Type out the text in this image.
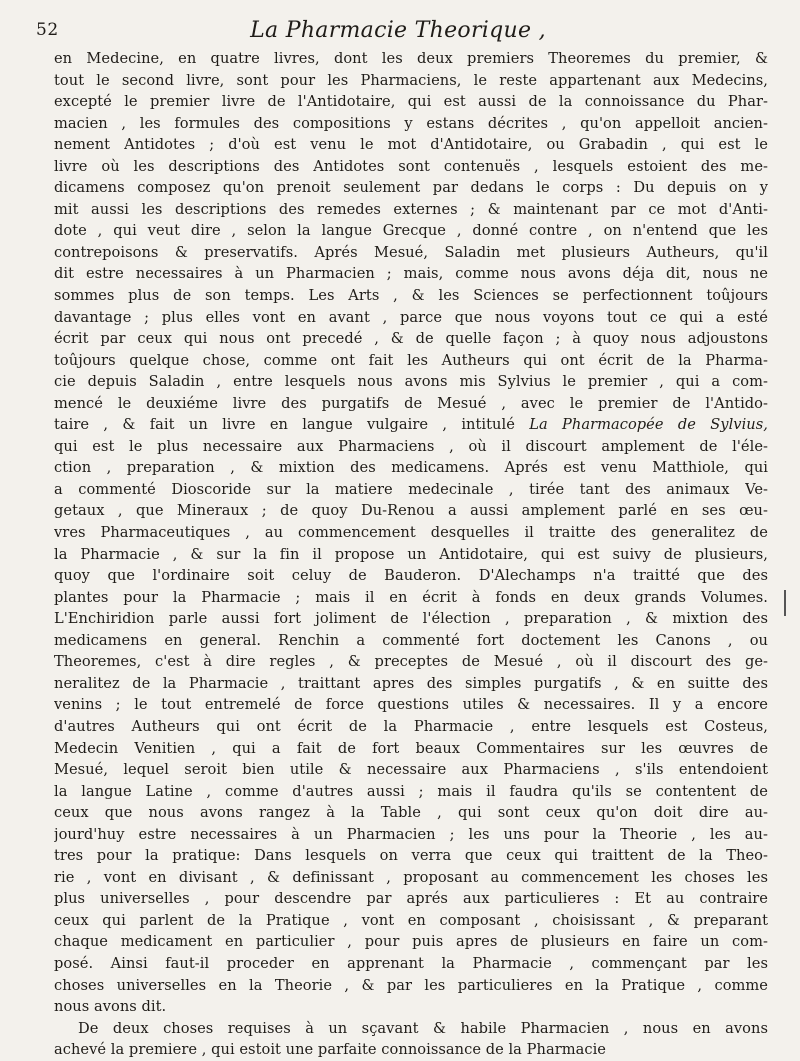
52	La Pharmacie Theorique ,
en Medecine, en quatre livres, dont les deux premiers Theoremes du premier, &
tout le second livre, sont pour les Pharmaciens, le reste appartenant aux Medecins,
excepté le premier livre de l'Antidotaire, qui est aussi de la connoissance du Phar-
macien , les formules des compositions y estans décrites , qu'on appelloit ancien-
nement Antidotes ; d'où est venu le mot d'Antidotaire, ou Grabadin , qui est le
livre où les descriptions des Antidotes sont contenuës , lesquels estoient des me-
dicamens composez qu'on prenoit seulement par dedans le corps : Du depuis on y
mit aussi les descriptions des remedes externes ; & maintenant par ce mot d'Anti-
dote , qui veut dire , selon la langue Grecque , donné contre , on n'entend que les
contrepoisons & preservatifs. Aprés Mesué, Saladin met plusieurs Autheurs, qu'il
dit estre necessaires à un Pharmacien ; mais, comme nous avons déja dit, nous ne
sommes plus de son temps. Les Arts , & les Sciences se perfectionnent toûjours
davantage ; plus elles vont en avant , parce que nous voyons tout ce qui a esté
écrit par ceux qui nous ont precedé , & de quelle façon ; à quoy nous adjoustons
toûjours quelque chose, comme ont fait les Autheurs qui ont écrit de la Pharma-
cie depuis Saladin , entre lesquels nous avons mis Sylvius le premier , qui a com-
mencé le deuxiéme livre des purgatifs de Mesué , avec le premier de l'Antido-
taire , & fait un livre en langue vulgaire , intitulé La Pharmacopée de Sylvius,
qui est le plus necessaire aux Pharmaciens , où il discourt amplement de l'éle-
ction , preparation , & mixtion des medicamens. Aprés est venu Matthiole, qui
a commenté Dioscoride sur la matiere medecinale , tirée tant des animaux Ve-
getaux , que Mineraux ; de quoy Du-Renou a aussi amplement parlé en ses œu-
vres Pharmaceutiques , au commencement desquelles il traitte des generalitez de
la Pharmacie , & sur la fin il propose un Antidotaire, qui est suivy de plusieurs,
quoy que l'ordinaire soit celuy de Bauderon. D'Alechamps n'a traitté que des
plantes pour la Pharmacie ; mais il en écrit à fonds en deux grands Volumes.
L'Enchiridion parle aussi fort joliment de l'élection , preparation , & mixtion des
medicamens en general. Renchin a commenté fort doctement les Canons , ou
Theoremes, c'est à dire regles , & preceptes de Mesué , où il discourt des ge-
neralitez de la Pharmacie , traittant apres des simples purgatifs , & en suitte des
venins ; le tout entremelé de force questions utiles & necessaires. Il y a encore
d'autres Autheurs qui ont écrit de la Pharmacie , entre lesquels est Costeus,
Medecin Venitien , qui a fait de fort beaux Commentaires sur les œuvres de
Mesué, lequel seroit bien utile & necessaire aux Pharmaciens , s'ils entendoient
la langue Latine , comme d'autres aussi ; mais il faudra qu'ils se contentent de
ceux que nous avons rangez à la Table , qui sont ceux qu'on doit dire au-
jourd'huy estre necessaires à un Pharmacien ; les uns pour la Theorie , les au-
tres pour la pratique: Dans lesquels on verra que ceux qui traittent de la Theo-
rie , vont en divisant , & definissant , proposant au commencement les choses les
plus universelles , pour descendre par aprés aux particulieres : Et au contraire
ceux qui parlent de la Pratique , vont en composant , choisissant , & preparant
chaque medicament en particulier , pour puis apres de plusieurs en faire un com-
posé. Ainsi faut-il proceder en apprenant la Pharmacie , commençant par les
choses universelles en la Theorie , & par les particulieres en la Pratique , comme
nous avons dit.
De deux choses requises à un sçavant & habile Pharmacien , nous en avons
achevé la premiere , qui estoit une parfaite connoissance de la Pharmacie
